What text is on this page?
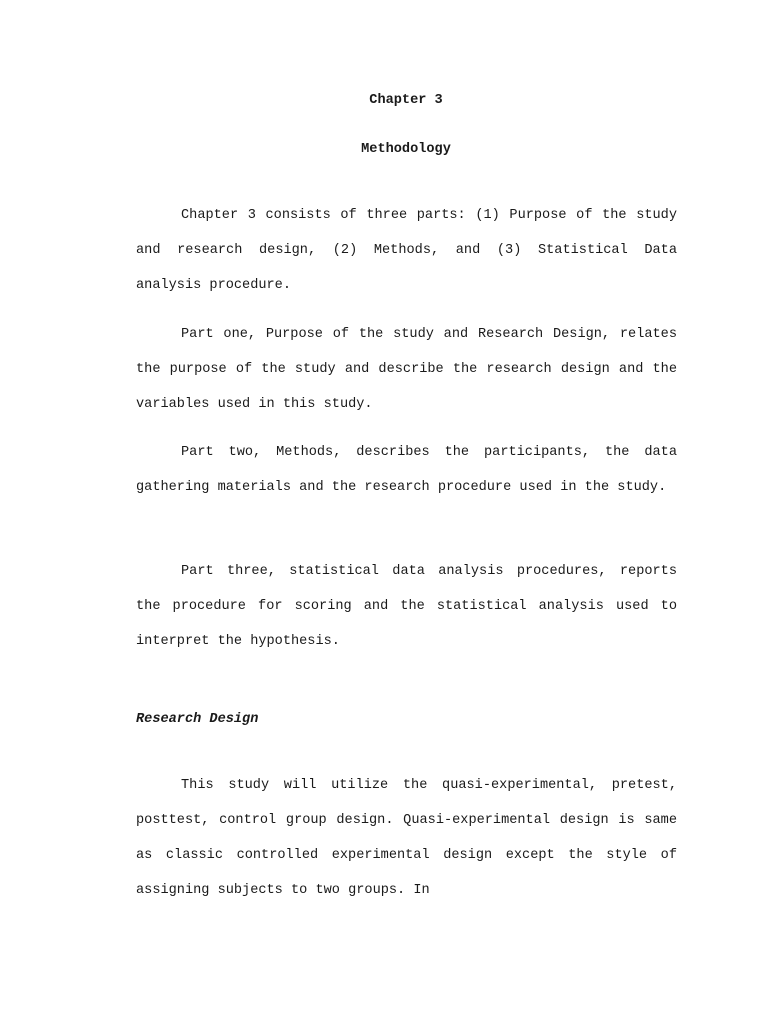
Chapter 3
Methodology

Chapter 3 consists of three parts: (1) Purpose of the study and research design, (2) Methods, and (3) Statistical Data analysis procedure.

Part one, Purpose of the study and Research Design, relates the purpose of the study and describe the research design and the variables used in this study.

Part two, Methods, describes the participants, the data gathering materials and the research procedure used in the study.

Part three, statistical data analysis procedures, reports the procedure for scoring and the statistical analysis used to interpret the hypothesis.

Research Design

This study will utilize the quasi-experimental, pretest, posttest, control group design. Quasi-experimental design is same as classic controlled experimental design except the style of assigning subjects to two groups. In
